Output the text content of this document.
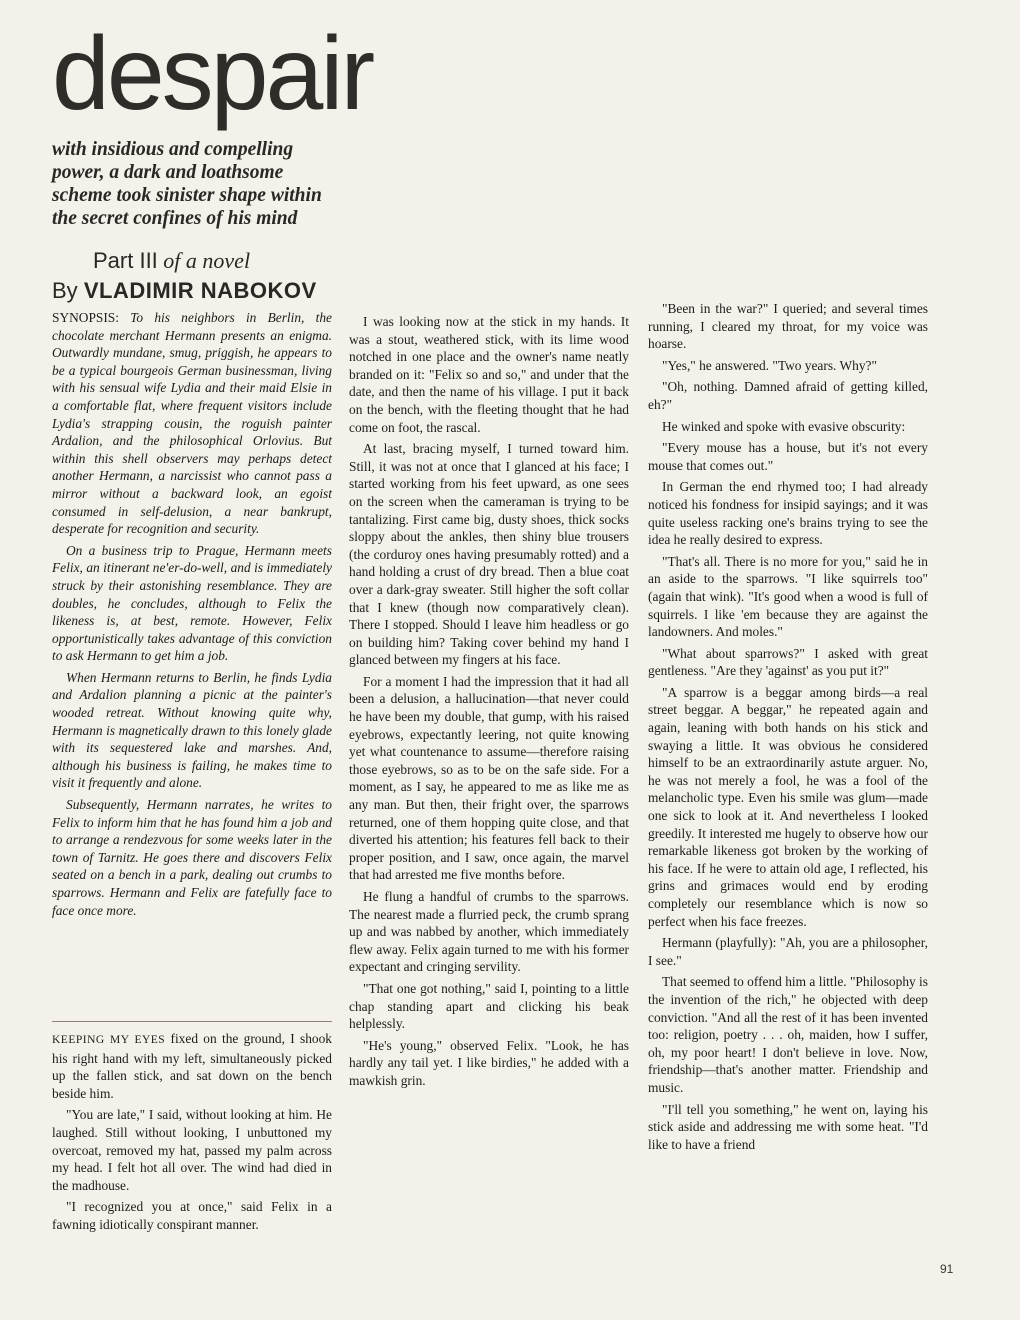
despair

with insidious and compelling power, a dark and loathsome scheme took sinister shape within the secret confines of his mind

Part III of a novel

By VLADIMIR NABOKOV

SYNOPSIS: To his neighbors in Berlin, the chocolate merchant Hermann presents an enigma. Outwardly mundane, smug, priggish, he appears to be a typical bourgeois German businessman, living with his sensual wife Lydia and their maid Elsie in a comfortable flat, where frequent visitors include Lydia's strapping cousin, the roguish painter Ardalion, and the philosophical Orlovius. But within this shell observers may perhaps detect another Hermann, a narcissist who cannot pass a mirror without a backward look, an egoist consumed in self-delusion, a near bankrupt, desperate for recognition and security.

On a business trip to Prague, Hermann meets Felix, an itinerant ne'er-do-well, and is immediately struck by their astonishing resemblance. They are doubles, he concludes, although to Felix the likeness is, at best, remote. However, Felix opportunistically takes advantage of this conviction to ask Hermann to get him a job.

When Hermann returns to Berlin, he finds Lydia and Ardalion planning a picnic at the painter's wooded retreat. Without knowing quite why, Hermann is magnetically drawn to this lonely glade with its sequestered lake and marshes. And, although his business is failing, he makes time to visit it frequently and alone.

Subsequently, Hermann narrates, he writes to Felix to inform him that he has found him a job and to arrange a rendezvous for some weeks later in the town of Tarnitz. He goes there and discovers Felix seated on a bench in a park, dealing out crumbs to sparrows. Hermann and Felix are fatefully face to face once more.

KEEPING MY EYES fixed on the ground, I shook his right hand with my left, simultaneously picked up the fallen stick, and sat down on the bench beside him.

"You are late," I said, without looking at him. He laughed. Still without looking, I unbuttoned my overcoat, removed my hat, passed my palm across my head. I felt hot all over. The wind had died in the madhouse.

"I recognized you at once," said Felix in a fawning idiotically conspirant manner.

I was looking now at the stick in my hands. It was a stout, weathered stick, with its lime wood notched in one place and the owner's name neatly branded on it: "Felix so and so," and under that the date, and then the name of his village. I put it back on the bench, with the fleeting thought that he had come on foot, the rascal.

At last, bracing myself, I turned toward him. Still, it was not at once that I glanced at his face; I started working from his feet upward, as one sees on the screen when the cameraman is trying to be tantalizing. First came big, dusty shoes, thick socks sloppy about the ankles, then shiny blue trousers (the corduroy ones having presumably rotted) and a hand holding a crust of dry bread. Then a blue coat over a dark-gray sweater. Still higher the soft collar that I knew (though now comparatively clean). There I stopped. Should I leave him headless or go on building him? Taking cover behind my hand I glanced between my fingers at his face.

For a moment I had the impression that it had all been a delusion, a hallucination—that never could he have been my double, that gump, with his raised eyebrows, expectantly leering, not quite knowing yet what countenance to assume—therefore raising those eyebrows, so as to be on the safe side. For a moment, as I say, he appeared to me as like me as any man. But then, their fright over, the sparrows returned, one of them hopping quite close, and that diverted his attention; his features fell back to their proper position, and I saw, once again, the marvel that had arrested me five months before.

He flung a handful of crumbs to the sparrows. The nearest made a flurried peck, the crumb sprang up and was nabbed by another, which immediately flew away. Felix again turned to me with his former expectant and cringing servility.

"That one got nothing," said I, pointing to a little chap standing apart and clicking his beak helplessly.

"He's young," observed Felix. "Look, he has hardly any tail yet. I like birdies," he added with a mawkish grin.

"Been in the war?" I queried; and several times running, I cleared my throat, for my voice was hoarse.

"Yes," he answered. "Two years. Why?"

"Oh, nothing. Damned afraid of getting killed, eh?"

He winked and spoke with evasive obscurity:

"Every mouse has a house, but it's not every mouse that comes out."

In German the end rhymed too; I had already noticed his fondness for insipid sayings; and it was quite useless racking one's brains trying to see the idea he really desired to express.

"That's all. There is no more for you," said he in an aside to the sparrows. "I like squirrels too" (again that wink). "It's good when a wood is full of squirrels. I like 'em because they are against the landowners. And moles."

"What about sparrows?" I asked with great gentleness. "Are they 'against' as you put it?"

"A sparrow is a beggar among birds—a real street beggar. A beggar," he repeated again and again, leaning with both hands on his stick and swaying a little. It was obvious he considered himself to be an extraordinarily astute arguer. No, he was not merely a fool, he was a fool of the melancholic type. Even his smile was glum—made one sick to look at it. And nevertheless I looked greedily. It interested me hugely to observe how our remarkable likeness got broken by the working of his face. If he were to attain old age, I reflected, his grins and grimaces would end by eroding completely our resemblance which is now so perfect when his face freezes.

Hermann (playfully): "Ah, you are a philosopher, I see."

That seemed to offend him a little. "Philosophy is the invention of the rich," he objected with deep conviction. "And all the rest of it has been invented too: religion, poetry . . . oh, maiden, how I suffer, oh, my poor heart! I don't believe in love. Now, friendship—that's another matter. Friendship and music.

"I'll tell you something," he went on, laying his stick aside and addressing me with some heat. "I'd like to have a friend

91
